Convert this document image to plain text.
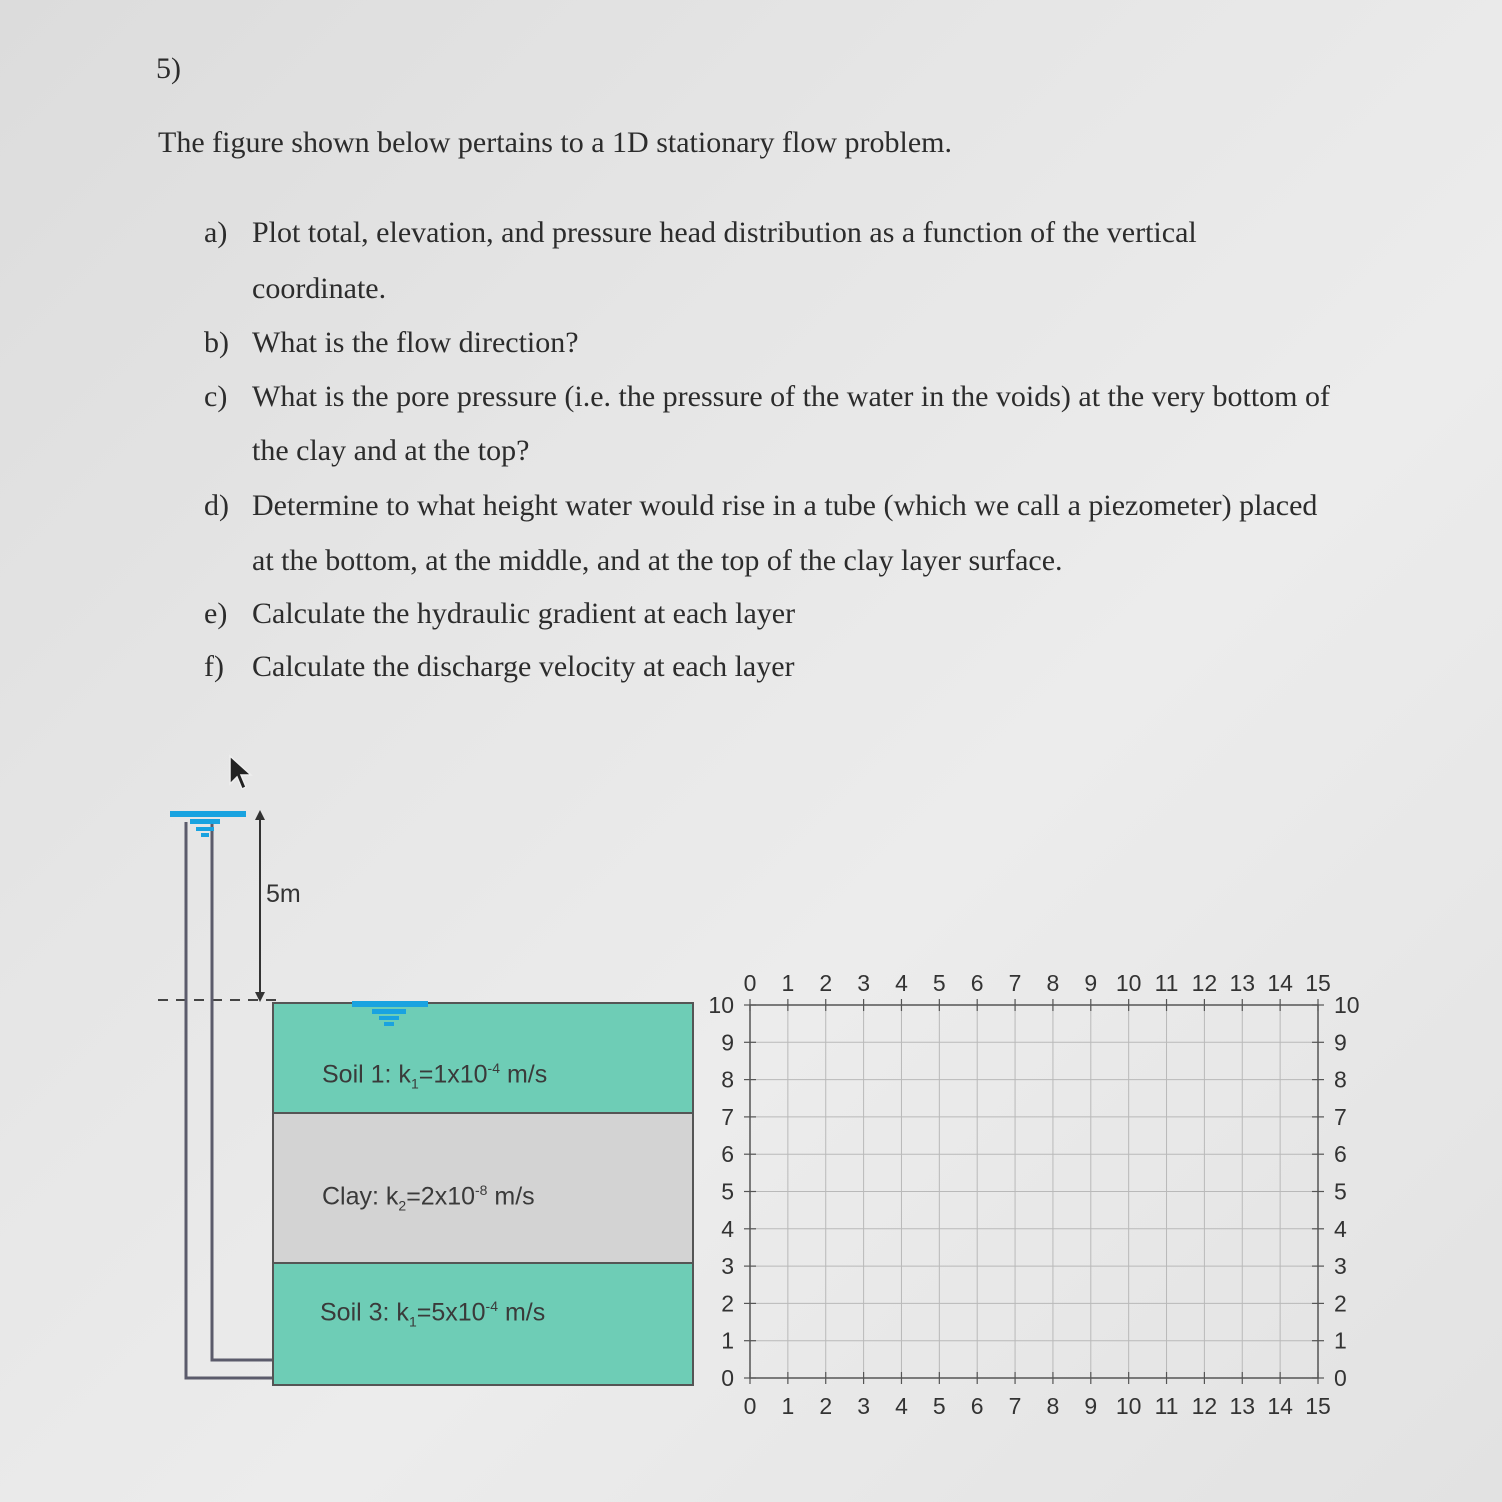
5)
The figure shown below pertains to a 1D stationary flow problem.
a) Plot total, elevation, and pressure head distribution as a function of the vertical
coordinate.
b) What is the flow direction?
c) What is the pore pressure (i.e. the pressure of the water in the voids) at the very bottom of
the clay and at the top?
d) Determine to what height water would rise in a tube (which we call a piezometer) placed
at the bottom, at the middle, and at the top of the clay layer surface.
e) Calculate the hydraulic gradient at each layer
f) Calculate the discharge velocity at each layer
5m
Soil 1: $k_1=1x10^{-4}$ m/s
Clay: $k_2=2x10^{-8}$ m/s
Soil 3: $k_1=5x10^{-4}$ m/s
0
0
1
1
2
2
3
3
4
4
5
5
6
6
7
7
8
8
9
9
10
10
11
11
12
12
13
13
14
14
15
15
0	0
1	1
2	2
3	3
4	4
5	5
6	6
7	7
8	8
9	9
10	10
